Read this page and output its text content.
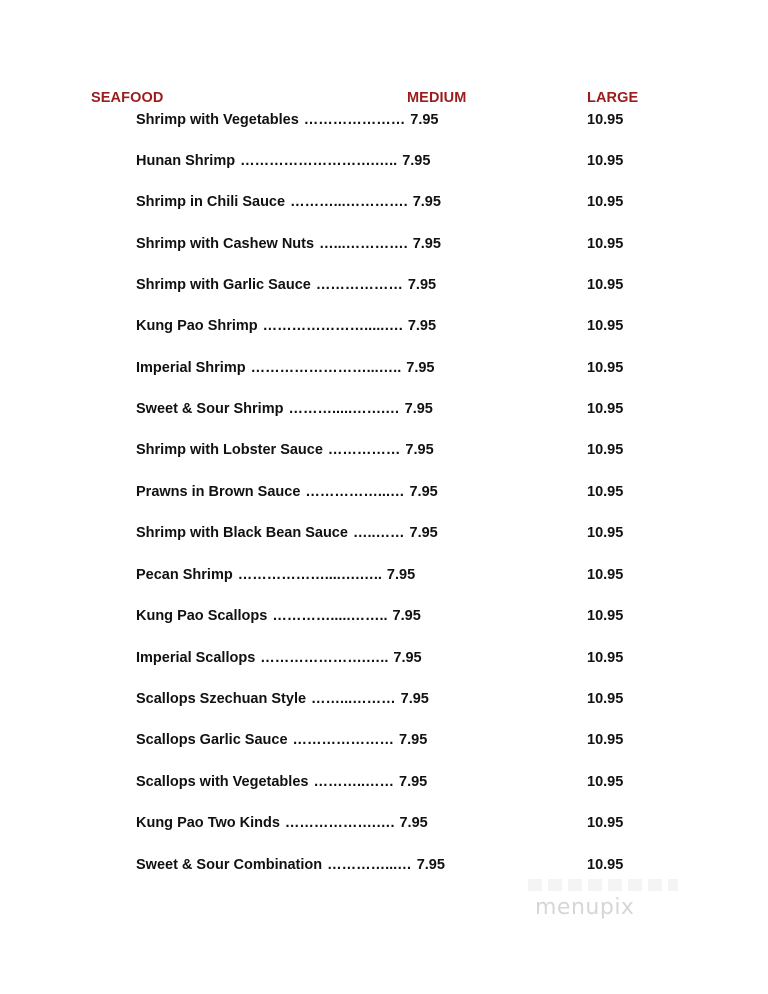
SEAFOOD	MEDIUM	LARGE
Shrimp with Vegetables ………………… 7.95	10.95
Hunan Shrimp ……………………….….. 7.95	10.95
Shrimp in Chili Sauce ………...…………. 7.95	10.95
Shrimp with Cashew Nuts …...…………. 7.95	10.95
Shrimp with Garlic Sauce ……………… 7.95	10.95
Kung Pao Shrimp ………………….....…. 7.95	10.95
Imperial Shrimp ……………………...….. 7.95	10.95
Sweet & Sour Shrimp ……….....…….… 7.95	10.95
Shrimp with Lobster Sauce …………… 7.95	10.95
Prawns in Brown Sauce ……………...… 7.95	10.95
Shrimp with Black Bean Sauce …..…… 7.95	10.95
Pecan Shrimp ………………....….….. 7.95	10.95
Kung Pao Scallops ………….....…….. 7.95	10.95
Imperial Scallops ………………….….. 7.95	10.95
Scallops Szechuan Style ……...……… 7.95	10.95
Scallops Garlic Sauce ………………… 7.95	10.95
Scallops with Vegetables ………..…… 7.95	10.95
Kung Pao Two Kinds ……………….…. 7.95	10.95
Sweet & Sour Combination …………...… 7.95	10.95
menupix
